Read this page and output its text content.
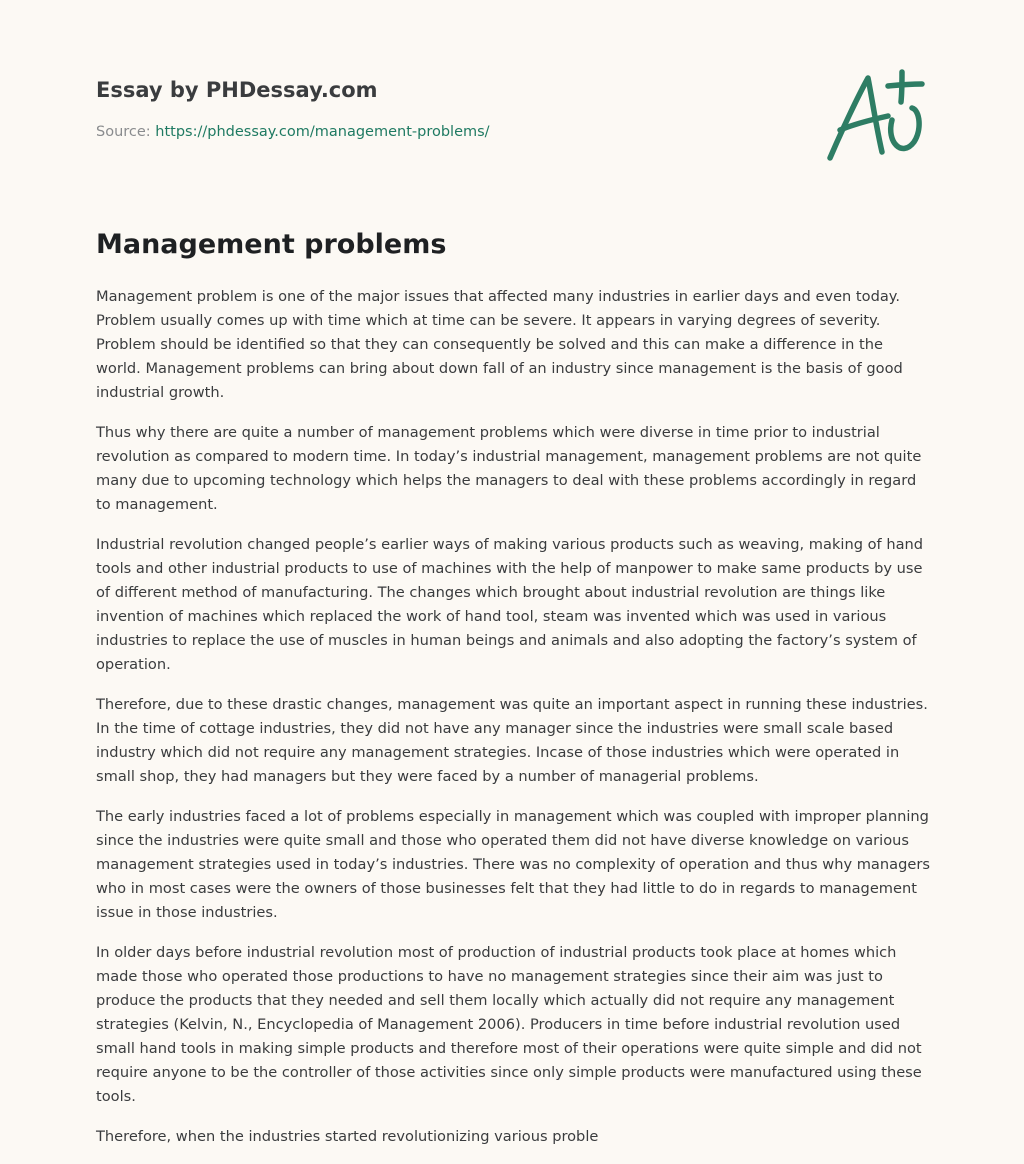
Essay by PHDessay.com
Source: https://phdessay.com/management-problems/
Management problems

Management problem is one of the major issues that affected many industries in earlier days and even today. Problem usually comes up with time which at time can be severe. It appears in varying degrees of severity. Problem should be identified so that they can consequently be solved and this can make a difference in the world. Management problems can bring about down fall of an industry since management is the basis of good industrial growth.

Thus why there are quite a number of management problems which were diverse in time prior to industrial revolution as compared to modern time. In today’s industrial management, management problems are not quite many due to upcoming technology which helps the managers to deal with these problems accordingly in regard to management.

Industrial revolution changed people’s earlier ways of making various products such as weaving, making of hand tools and other industrial products to use of machines with the help of manpower to make same products by use of different method of manufacturing. The changes which brought about industrial revolution are things like invention of machines which replaced the work of hand tool, steam was invented which was used in various industries to replace the use of muscles in human beings and animals and also adopting the factory’s system of operation.

Therefore, due to these drastic changes, management was quite an important aspect in running these industries. In the time of cottage industries, they did not have any manager since the industries were small scale based industry which did not require any management strategies. Incase of those industries which were operated in small shop, they had managers but they were faced by a number of managerial problems.

The early industries faced a lot of problems especially in management which was coupled with improper planning since the industries were quite small and those who operated them did not have diverse knowledge on various management strategies used in today’s industries. There was no complexity of operation and thus why managers who in most cases were the owners of those businesses felt that they had little to do in regards to management issue in those industries.

In older days before industrial revolution most of production of industrial products took place at homes which made those who operated those productions to have no management strategies since their aim was just to produce the products that they needed and sell them locally which actually did not require any management strategies (Kelvin, N., Encyclopedia of Management 2006). Producers in time before industrial revolution used small hand tools in making simple products and therefore most of their operations were quite simple and did not require anyone to be the controller of those activities since only simple products were manufactured using these tools.

Therefore, when the industries started revolutionizing various proble
